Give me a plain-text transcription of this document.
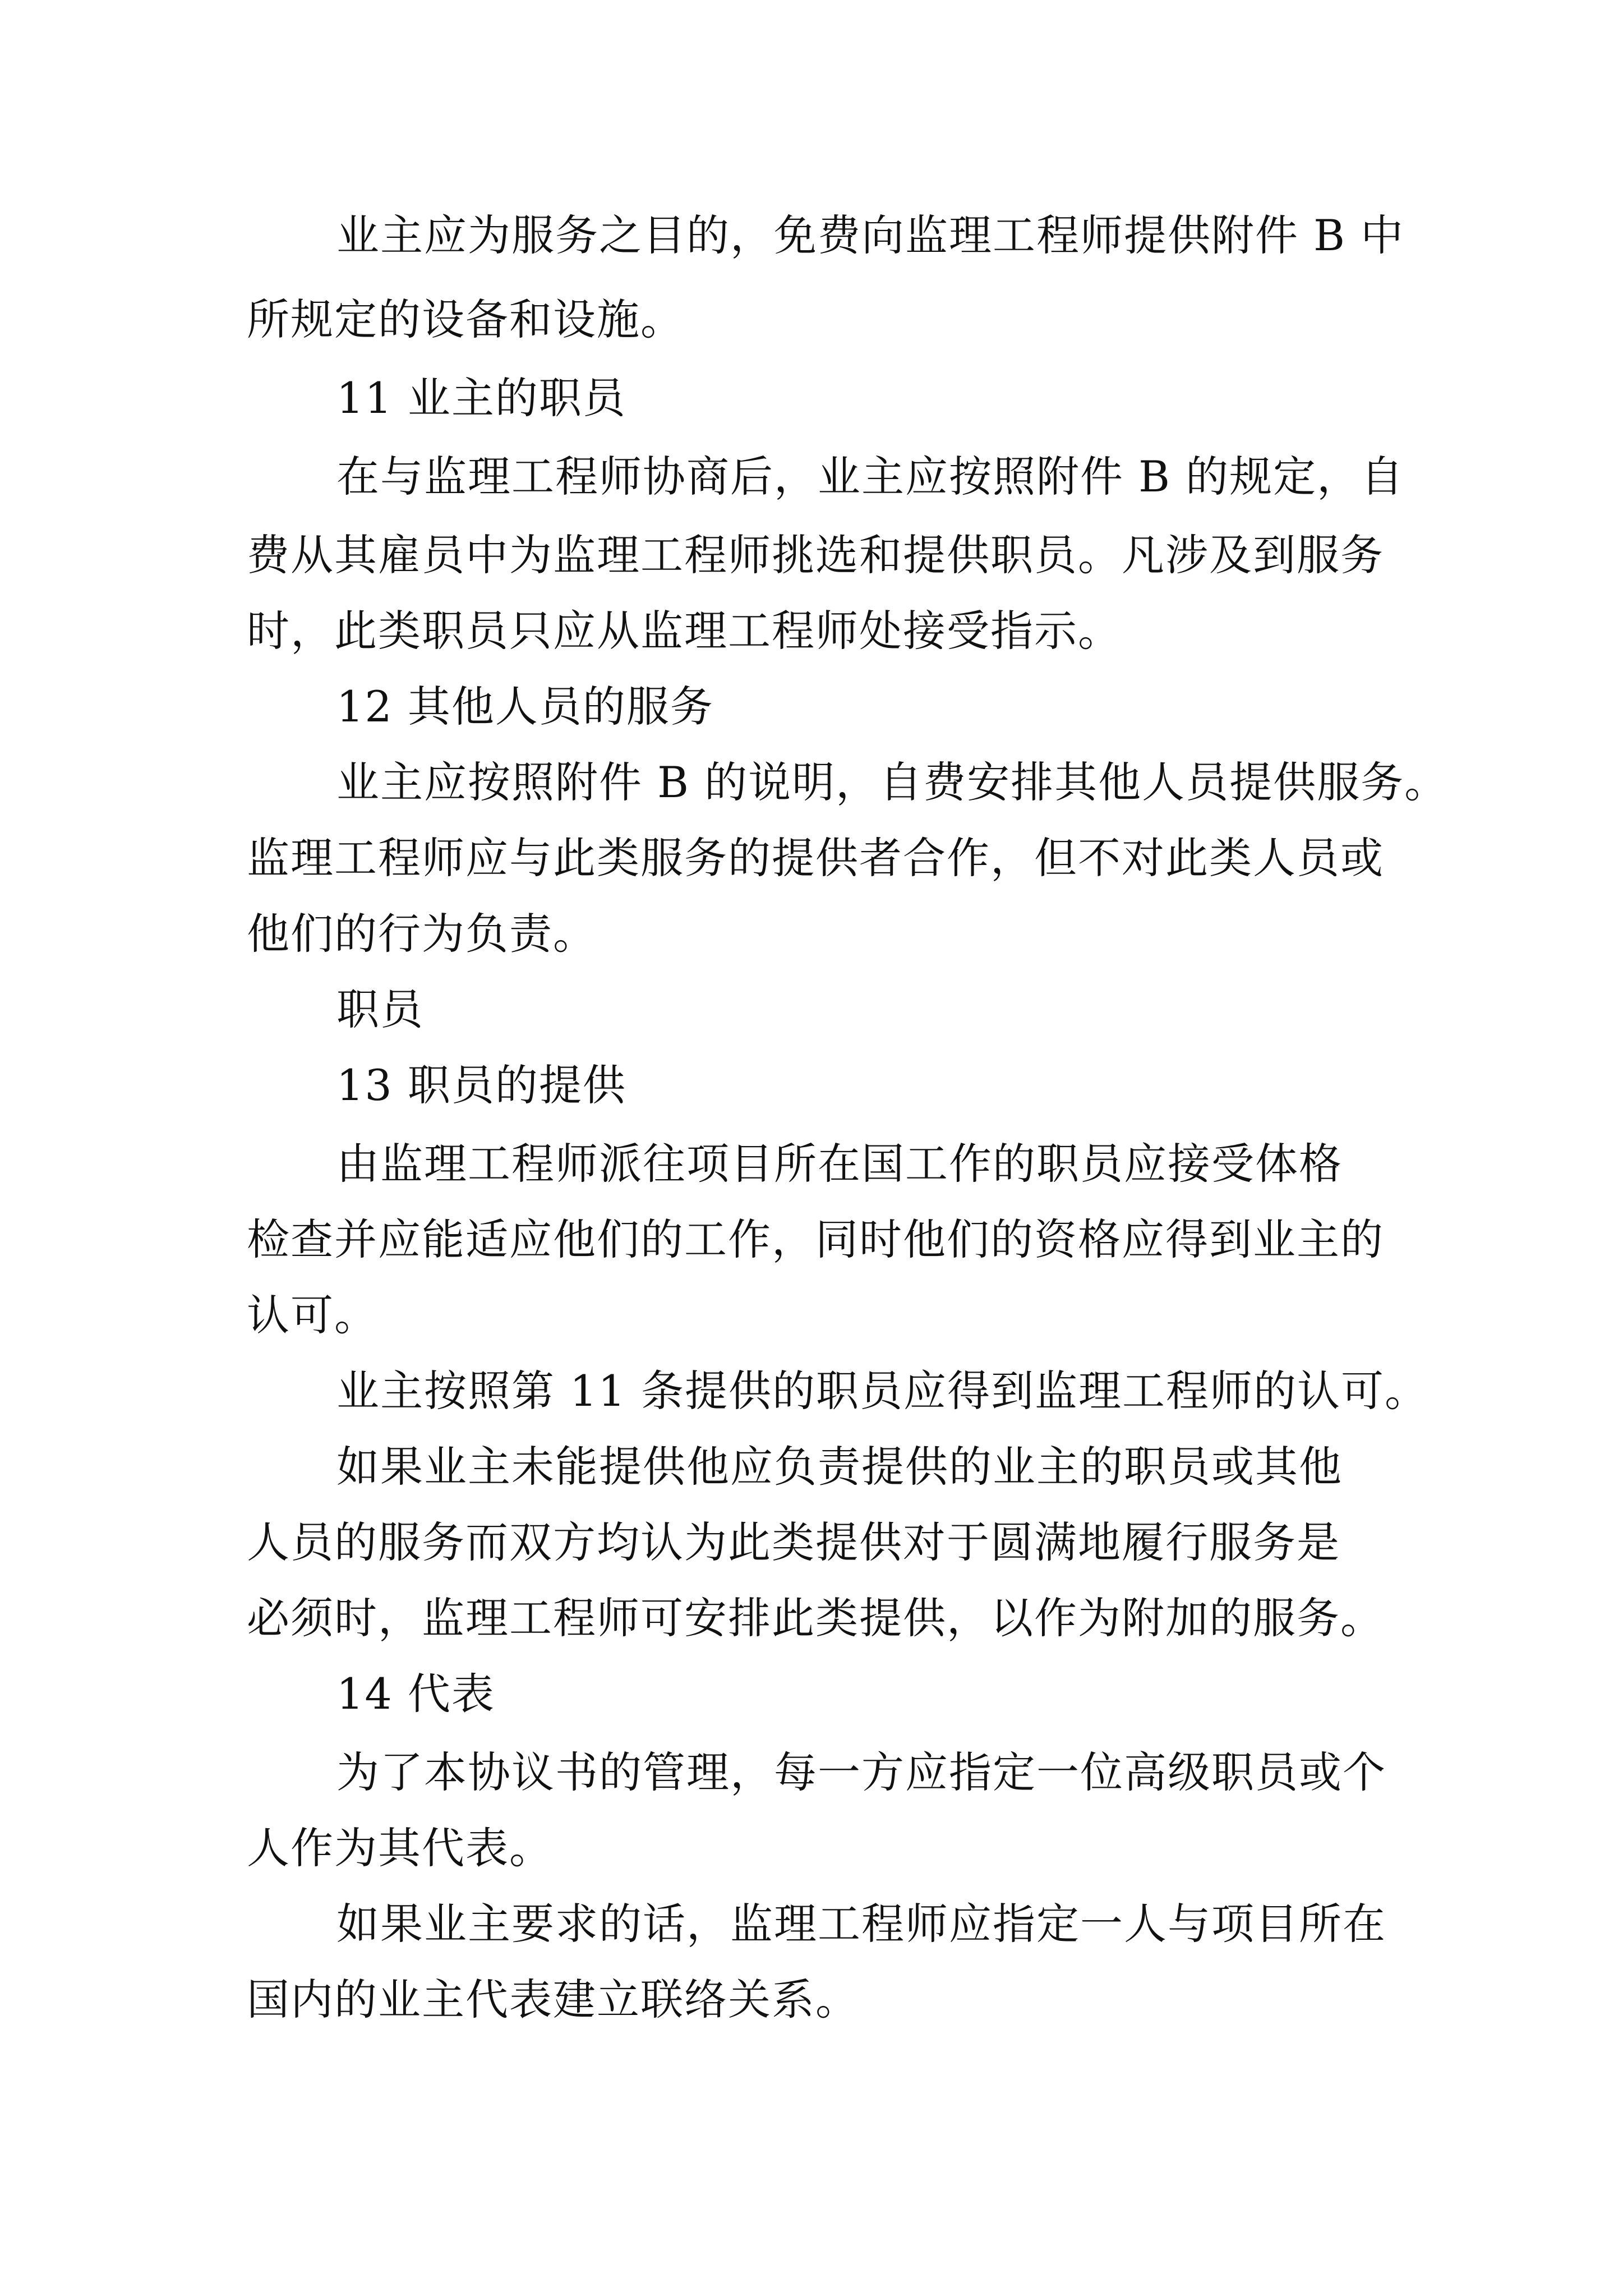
业主应为服务之目的，免费向监理工程师提供附件 B 中
所规定的设备和设施。
11 业主的职员
在与监理工程师协商后，业主应按照附件 B 的规定，自
费从其雇员中为监理工程师挑选和提供职员。凡涉及到服务
时，此类职员只应从监理工程师处接受指示。
12 其他人员的服务
业主应按照附件 B 的说明，自费安排其他人员提供服务。
监理工程师应与此类服务的提供者合作，但不对此类人员或
他们的行为负责。
职员
13 职员的提供
由监理工程师派往项目所在国工作的职员应接受体格
检查并应能适应他们的工作，同时他们的资格应得到业主的
认可。
业主按照第 11 条提供的职员应得到监理工程师的认可。
如果业主未能提供他应负责提供的业主的职员或其他
人员的服务而双方均认为此类提供对于圆满地履行服务是
必须时，监理工程师可安排此类提供，以作为附加的服务。
14 代表
为了本协议书的管理，每一方应指定一位高级职员或个
人作为其代表。
如果业主要求的话，监理工程师应指定一人与项目所在
国内的业主代表建立联络关系。
